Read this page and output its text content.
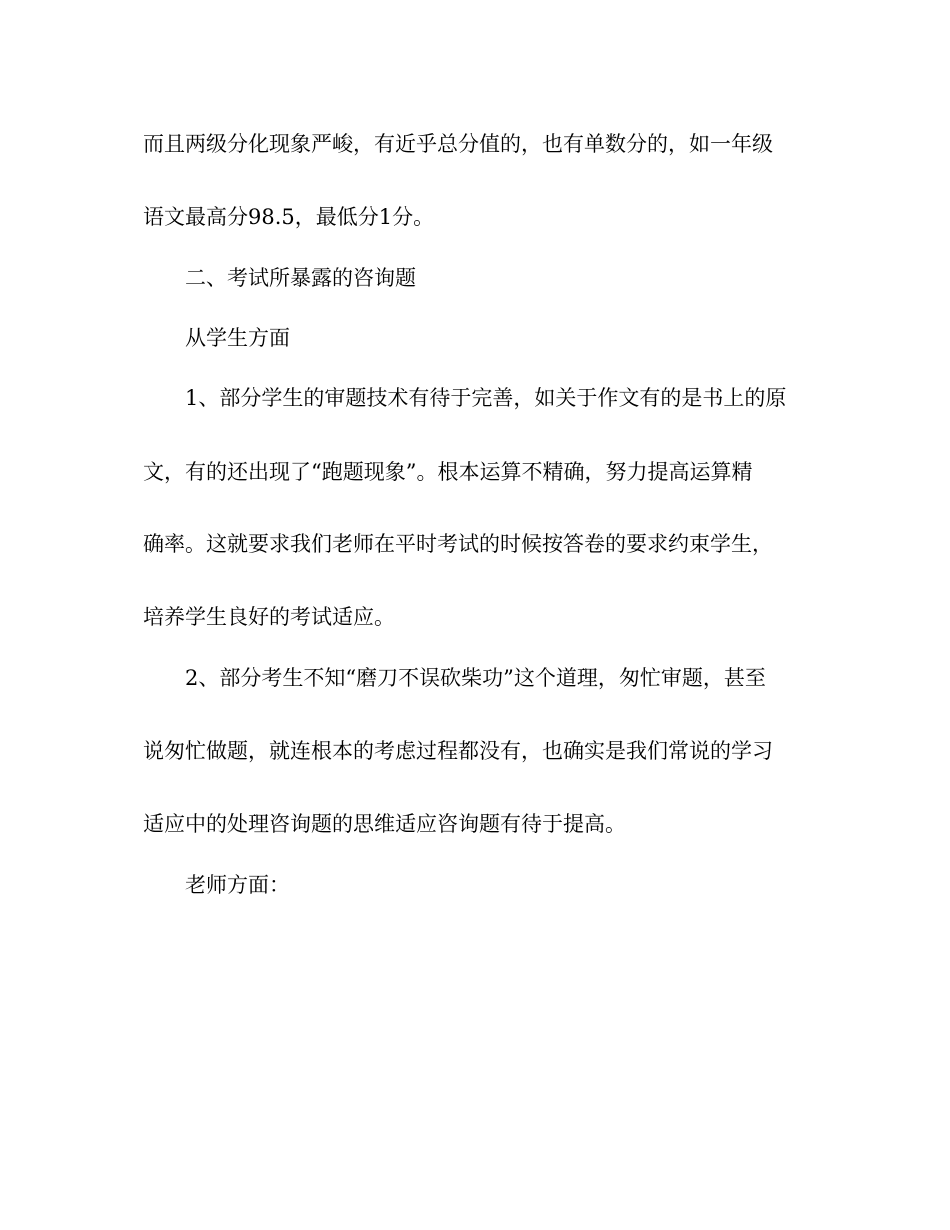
而且两级分化现象严峻，有近乎总分值的，也有单数分的，如一年级
语文最高分98.5，最低分1分。
二、考试所暴露的咨询题
从学生方面
1、部分学生的审题技术有待于完善，如关于作文有的是书上的原
文，有的还出现了“跑题现象”。根本运算不精确，努力提高运算精
确率。这就要求我们老师在平时考试的时候按答卷的要求约束学生，
培养学生良好的考试适应。
2、部分考生不知“磨刀不误砍柴功”这个道理，匆忙审题，甚至
说匆忙做题，就连根本的考虑过程都没有，也确实是我们常说的学习
适应中的处理咨询题的思维适应咨询题有待于提高。
老师方面：
